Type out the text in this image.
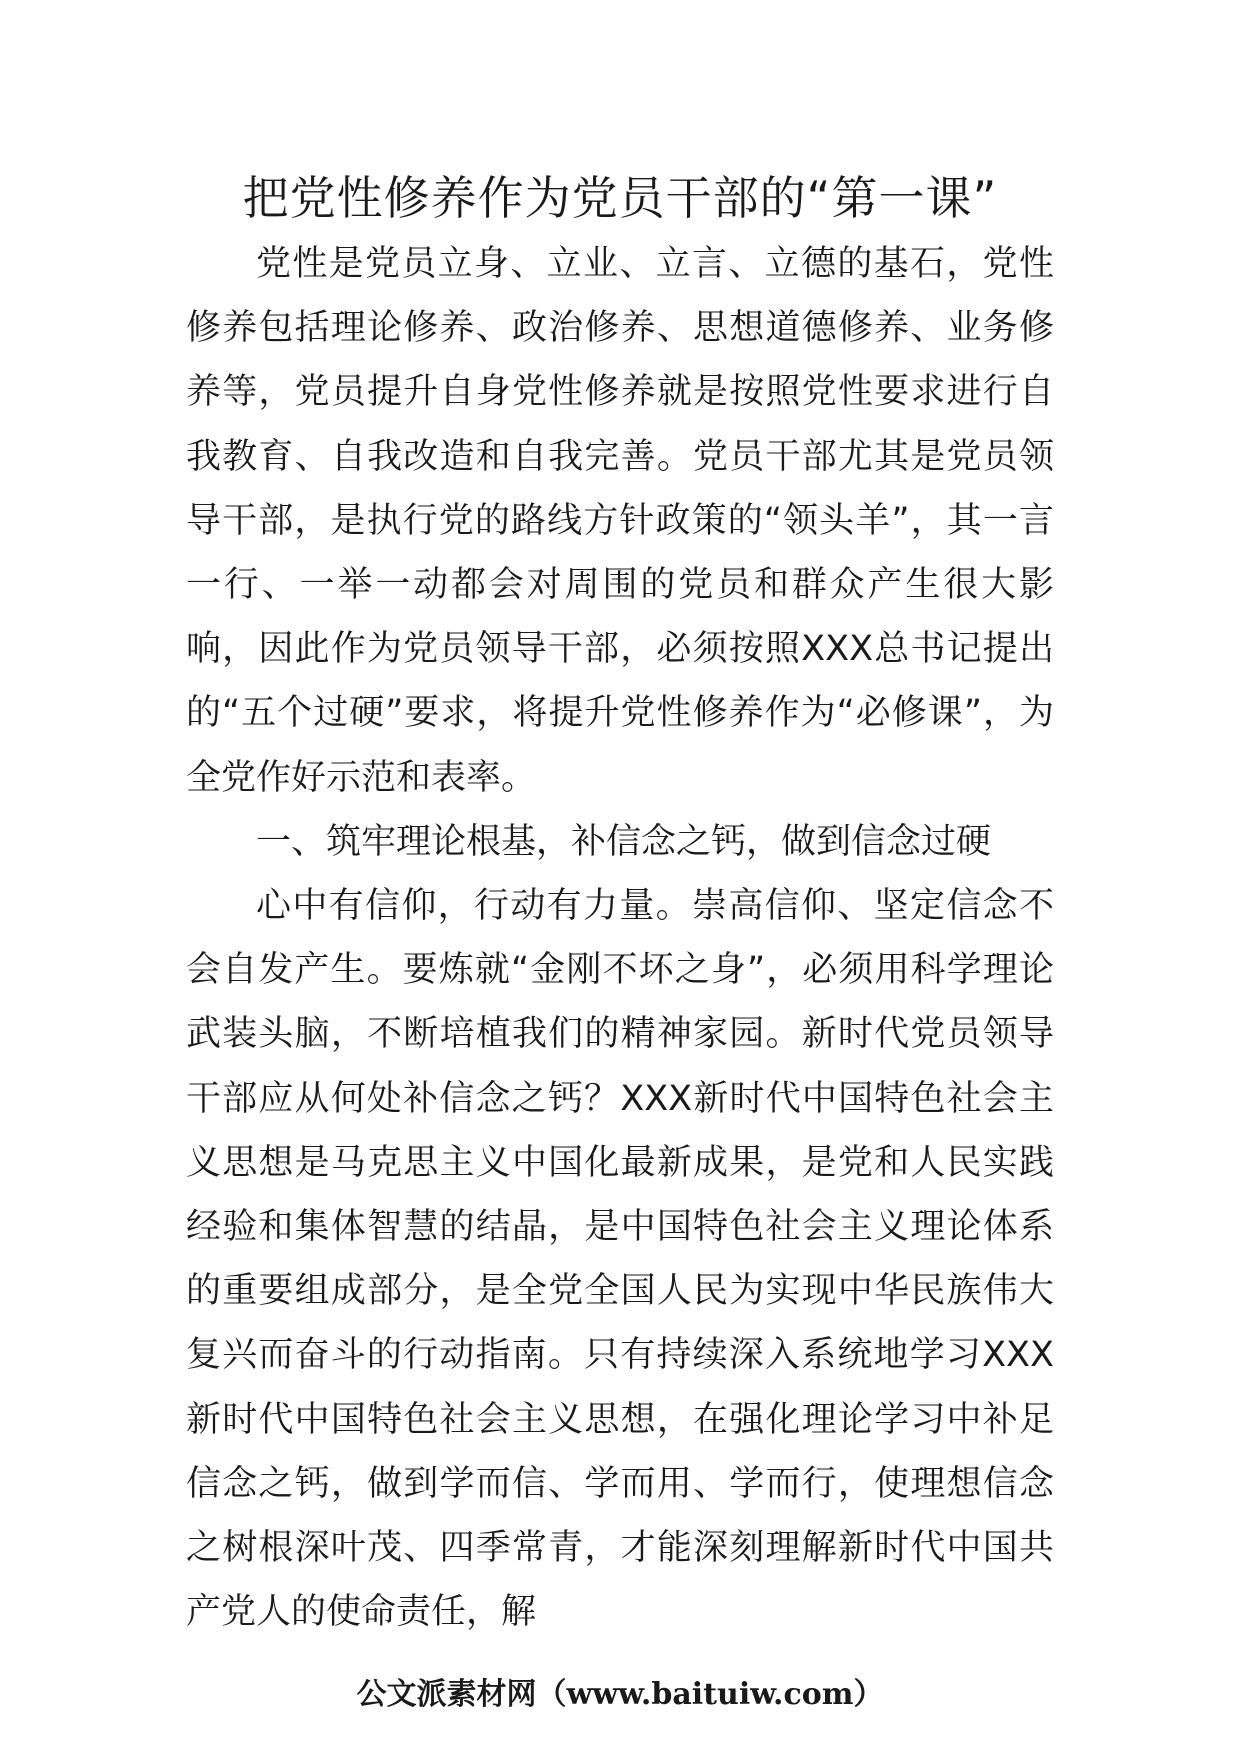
把党性修养作为党员干部的“第一课”

党性是党员立身、立业、立言、立德的基石，党性修养包括理论修养、政治修养、思想道德修养、业务修养等，党员提升自身党性修养就是按照党性要求进行自我教育、自我改造和自我完善。党员干部尤其是党员领导干部，是执行党的路线方针政策的“领头羊”，其一言一行、一举一动都会对周围的党员和群众产生很大影响，因此作为党员领导干部，必须按照XXX总书记提出的“五个过硬”要求，将提升党性修养作为“必修课”，为全党作好示范和表率。

一、筑牢理论根基，补信念之钙，做到信念过硬

心中有信仰，行动有力量。崇高信仰、坚定信念不会自发产生。要炼就“金刚不坏之身”，必须用科学理论武装头脑，不断培植我们的精神家园。新时代党员领导干部应从何处补信念之钙？XXX新时代中国特色社会主义思想是马克思主义中国化最新成果，是党和人民实践经验和集体智慧的结晶，是中国特色社会主义理论体系的重要组成部分，是全党全国人民为实现中华民族伟大复兴而奋斗的行动指南。只有持续深入系统地学习XXX新时代中国特色社会主义思想，在强化理论学习中补足信念之钙，做到学而信、学而用、学而行，使理想信念之树根深叶茂、四季常青，才能深刻理解新时代中国共产党人的使命责任，解

公文派素材网（www.baituiw.com）
